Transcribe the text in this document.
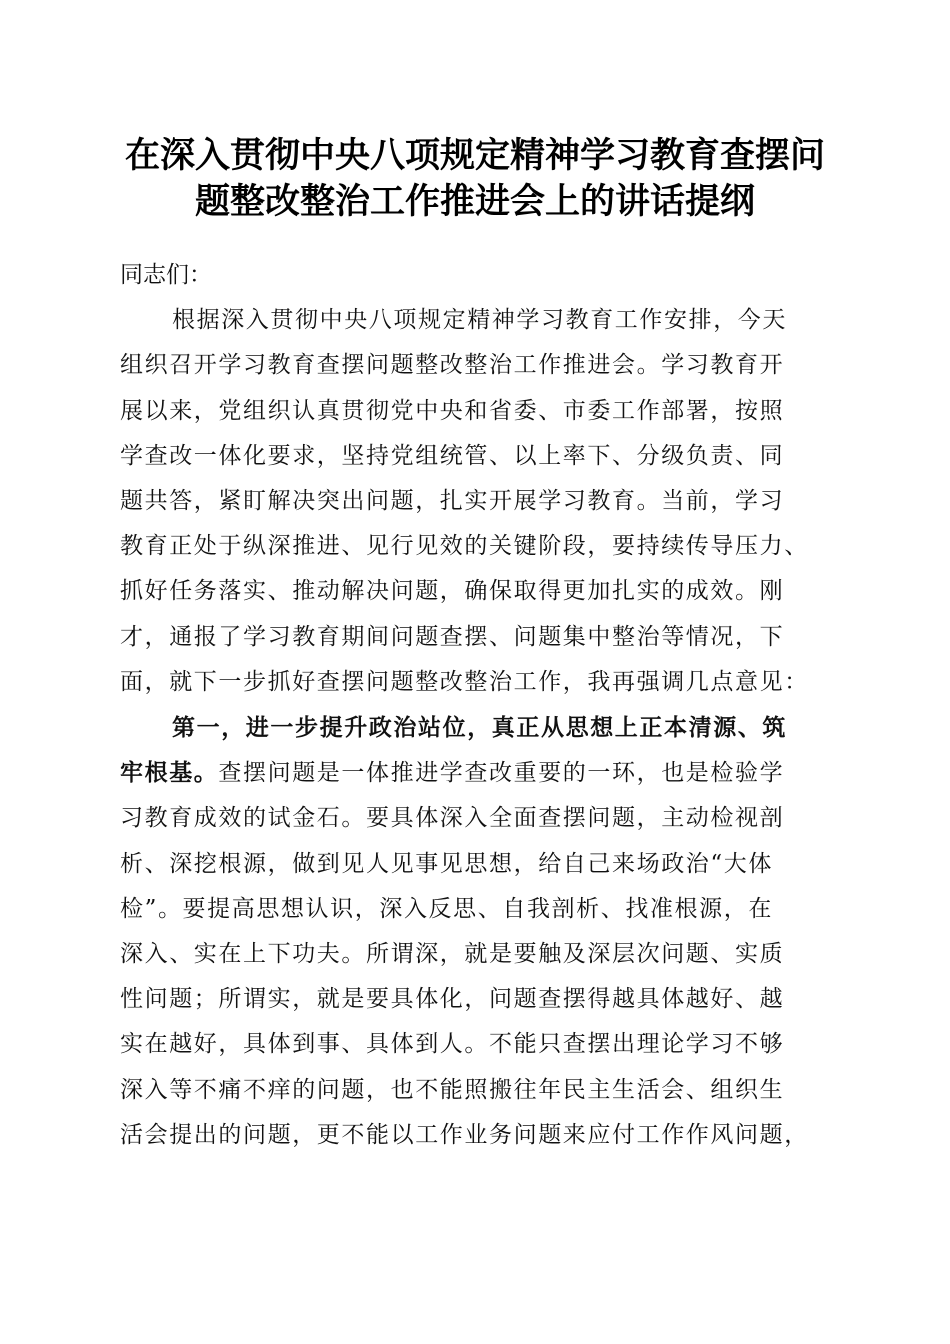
在深入贯彻中央八项规定精神学习教育查摆问
题整改整治工作推进会上的讲话提纲

同志们：

根据深入贯彻中央八项规定精神学习教育工作安排，今天
组织召开学习教育查摆问题整改整治工作推进会。学习教育开
展以来，党组织认真贯彻党中央和省委、市委工作部署，按照
学查改一体化要求，坚持党组统管、以上率下、分级负责、同
题共答，紧盯解决突出问题，扎实开展学习教育。当前，学习
教育正处于纵深推进、见行见效的关键阶段，要持续传导压力、
抓好任务落实、推动解决问题，确保取得更加扎实的成效。刚
才，通报了学习教育期间问题查摆、问题集中整治等情况，下
面，就下一步抓好查摆问题整改整治工作，我再强调几点意见：
第一，进一步提升政治站位，真正从思想上正本清源、筑
牢根基。查摆问题是一体推进学查改重要的一环，也是检验学
习教育成效的试金石。要具体深入全面查摆问题，主动检视剖
析、深挖根源，做到见人见事见思想，给自己来场政治“大体
检”。要提高思想认识，深入反思、自我剖析、找准根源，在
深入、实在上下功夫。所谓深，就是要触及深层次问题、实质
性问题；所谓实，就是要具体化，问题查摆得越具体越好、越
实在越好，具体到事、具体到人。不能只查摆出理论学习不够
深入等不痛不痒的问题，也不能照搬往年民主生活会、组织生
活会提出的问题，更不能以工作业务问题来应付工作作风问题，
